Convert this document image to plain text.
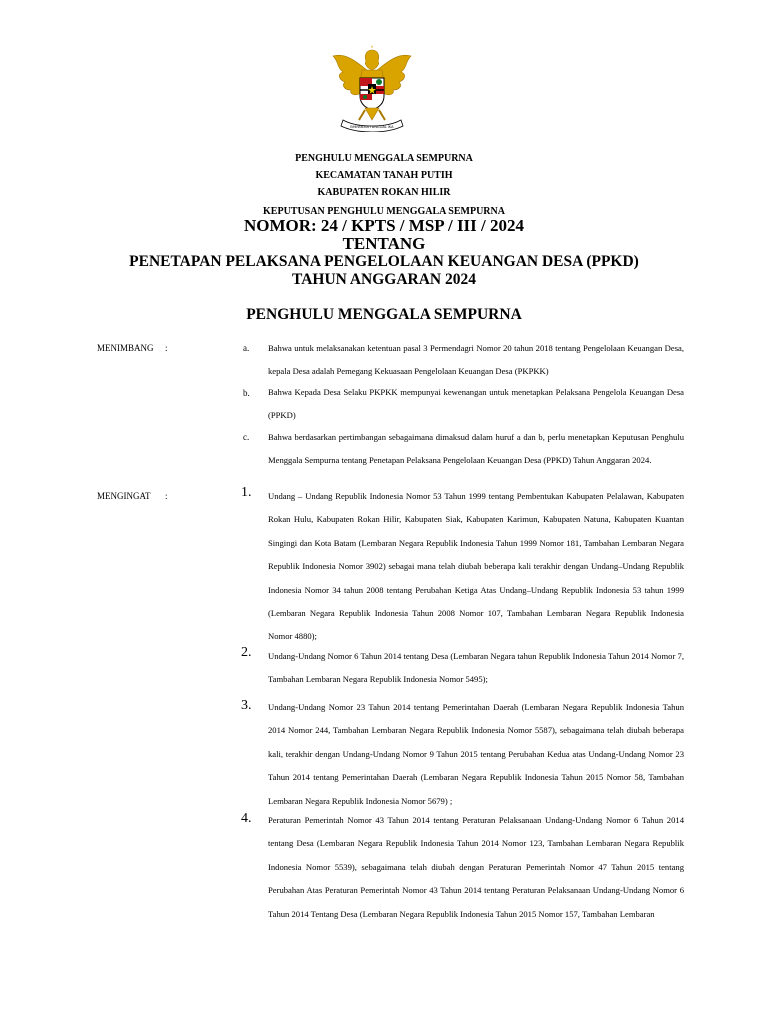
BHINNEKA TUNGGAL IKA
PENGHULU MENGGALA SEMPURNA
KECAMATAN TANAH PUTIH
KABUPATEN ROKAN HILIR
KEPUTUSAN PENGHULU MENGGALA SEMPURNA
NOMOR: 24 / KPTS / MSP / III / 2024
TENTANG
PENETAPAN PELAKSANA PENGELOLAAN KEUANGAN DESA (PPKD)
TAHUN ANGGARAN 2024
PENGHULU MENGGALA SEMPURNA
MENIMBANG :	a. Bahwa untuk melaksanakan ketentuan pasal 3 Permendagri Nomor 20 tahun 2018 tentang Pengelolaan Keuangan Desa, kepala Desa adalah Pemegang Kekuasaan Pengelolaan Keuangan Desa (PKPKK)
b. Bahwa Kepada Desa Selaku PKPKK mempunyai kewenangan untuk menetapkan Pelaksana Pengelola Keuangan Desa (PPKD)
c. Bahwa berdasarkan pertimbangan sebagaimana dimaksud dalam huruf a dan b, perlu menetapkan Keputusan Penghulu Menggala Sempurna tentang Penetapan Pelaksana Pengelolaan Keuangan Desa (PPKD) Tahun Anggaran 2024.
MENGINGAT :	1. Undang – Undang Republik Indonesia Nomor 53 Tahun 1999 tentang Pembentukan Kabupaten Pelalawan, Kabupaten Rokan Hulu, Kabupaten Rokan Hilir, Kabupaten Siak, Kabupaten Karimun, Kabupaten Natuna, Kabupaten Kuantan Singingi dan Kota Batam (Lembaran Negara Republik Indonesia Tahun 1999 Nomor 181, Tambahan Lembaran Negara Republik Indonesia Nomor 3902) sebagai mana telah diubah beberapa kali terakhir dengan Undang–Undang Republik Indonesia Nomor 34 tahun 2008 tentang Perubahan Ketiga Atas Undang–Undang Republik Indonesia 53 tahun 1999 (Lembaran Negara Republik Indonesia Tahun 2008 Nomor 107, Tambahan Lembaran Negara Republik Indonesia Nomor 4880);
2. Undang-Undang Nomor 6 Tahun 2014 tentang Desa (Lembaran Negara tahun Republik Indonesia Tahun 2014 Nomor 7, Tambahan Lembaran Negara Republik Indonesia Nomor 5495);
3. Undang-Undang Nomor 23 Tahun 2014 tentang Pemerintahan Daerah (Lembaran Negara Republik Indonesia Tahun 2014 Nomor 244, Tambahan Lembaran Negara Republik Indonesia Nomor 5587), sebagaimana telah diubah beberapa kali, terakhir dengan Undang-Undang Nomor 9 Tahun 2015 tentang Perubahan Kedua atas Undang-Undang Nomor 23 Tahun 2014 tentang Pemerintahan Daerah (Lembaran Negara Republik Indonesia Tahun 2015 Nomor 58, Tambahan Lembaran Negara Republik Indonesia Nomor 5679) ;
4. Peraturan Pemerintah Nomor 43 Tahun 2014 tentang Peraturan Pelaksanaan Undang-Undang Nomor 6 Tahun 2014 tentang Desa (Lembaran Negara Republik Indonesia Tahun 2014 Nomor 123, Tambahan Lembaran Negara Republik Indonesia Nomor 5539), sebagaimana telah diubah dengan Peraturan Pemerintah Nomor 47 Tahun 2015 tentang Perubahan Atas Peraturan Pemerintah Nomor 43 Tahun 2014 tentang Peraturan Pelaksanaan Undang-Undang Nomor 6 Tahun 2014 Tentang Desa (Lembaran Negara Republik Indonesia Tahun 2015 Nomor 157, Tambahan Lembaran
